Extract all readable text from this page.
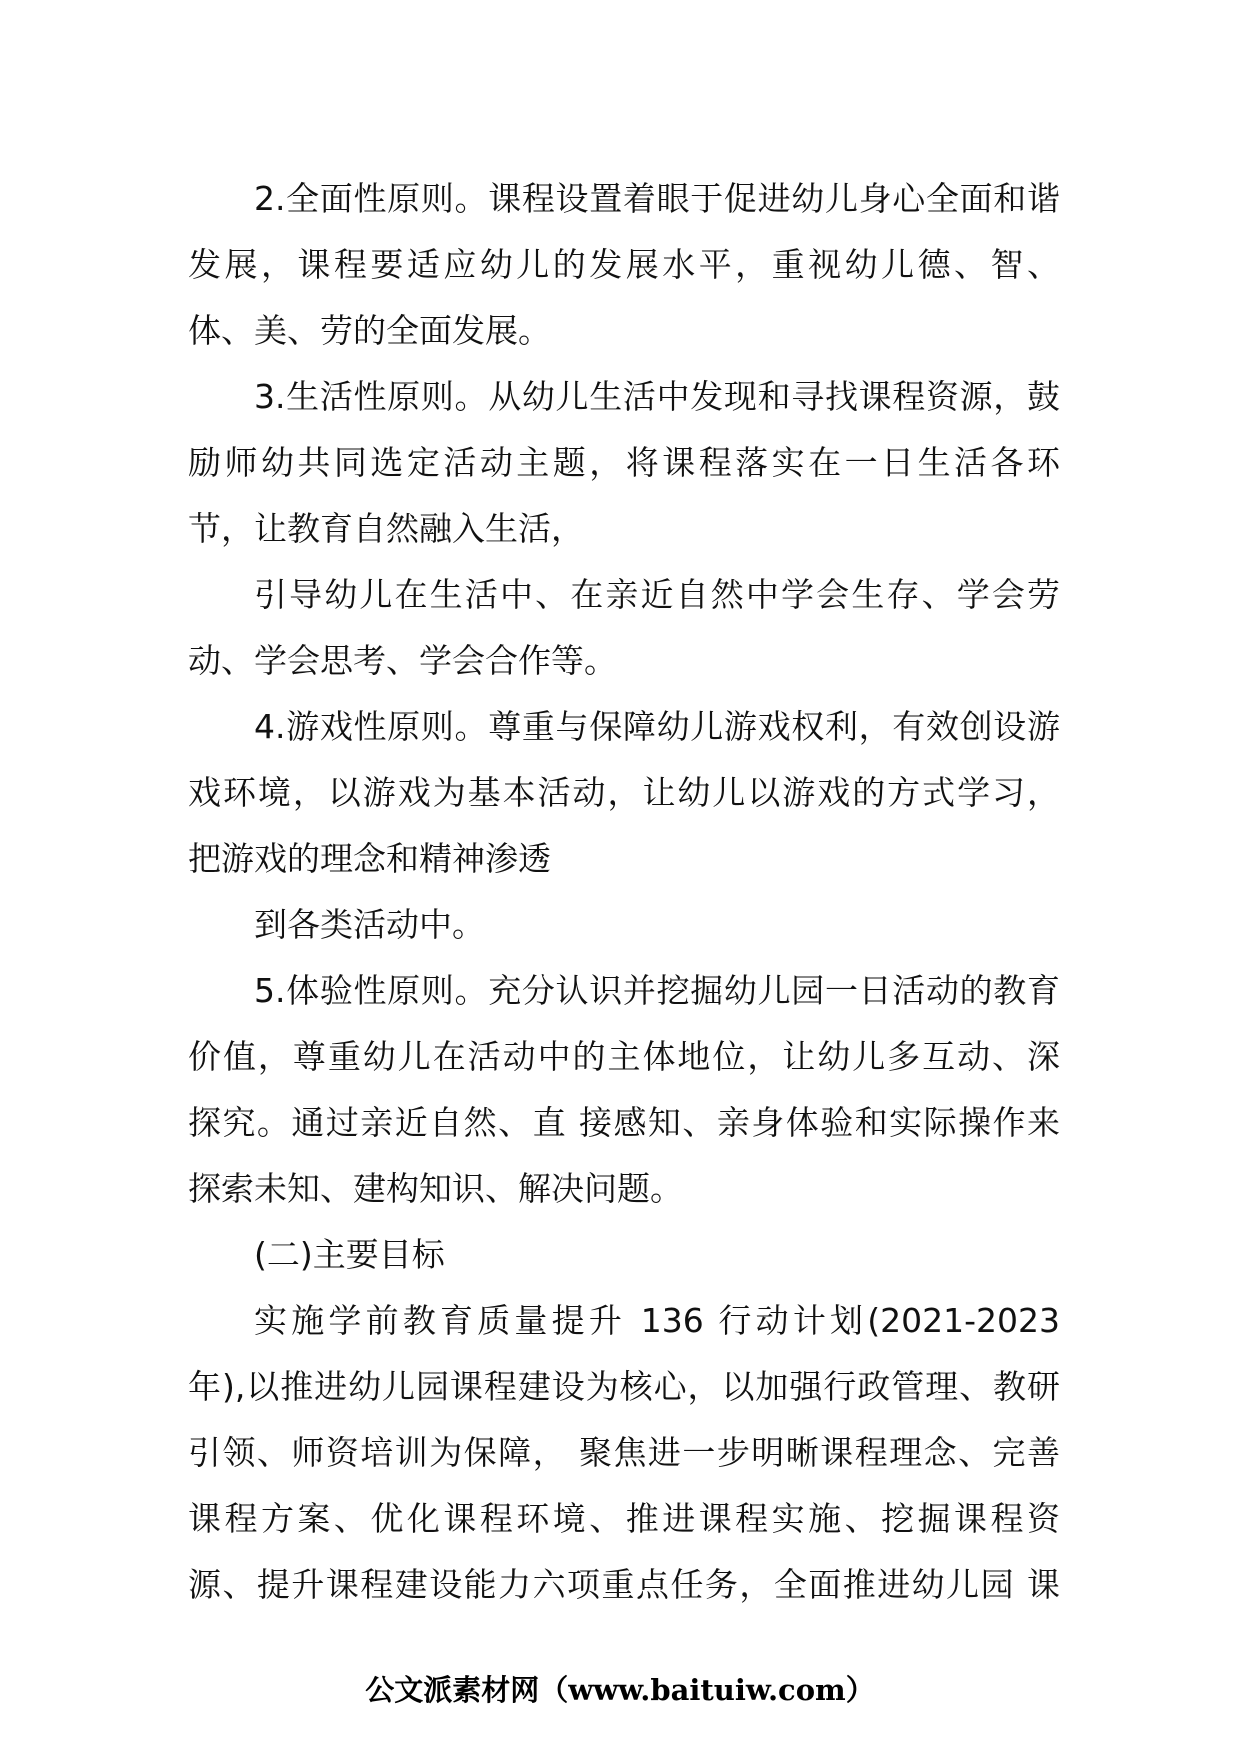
2.全面性原则。课程设置着眼于促进幼儿身心全面和谐
发展，课程要适应幼儿的发展水平，重视幼儿德、智、
体、美、劳的全面发展。
3.生活性原则。从幼儿生活中发现和寻找课程资源，鼓
励师幼共同选定活动主题，将课程落实在一日生活各环
节，让教育自然融入生活，
引导幼儿在生活中、在亲近自然中学会生存、学会劳
动、学会思考、学会合作等。
4.游戏性原则。尊重与保障幼儿游戏权利，有效创设游
戏环境，以游戏为基本活动，让幼儿以游戏的方式学习，
把游戏的理念和精神渗透
到各类活动中。
5.体验性原则。充分认识并挖掘幼儿园一日活动的教育
价值，尊重幼儿在活动中的主体地位，让幼儿多互动、深
探究。通过亲近自然、直 接感知、亲身体验和实际操作来
探索未知、建构知识、解决问题。
(二)主要目标
实施学前教育质量提升 136 行动计划(2021-2023
年),以推进幼儿园课程建设为核心，以加强行政管理、教研
引领、师资培训为保障， 聚焦进一步明晰课程理念、完善
课程方案、优化课程环境、推进课程实施、挖掘课程资
源、提升课程建设能力六项重点任务，全面推进幼儿园 课
公文派素材网（www.baituiw.com）
